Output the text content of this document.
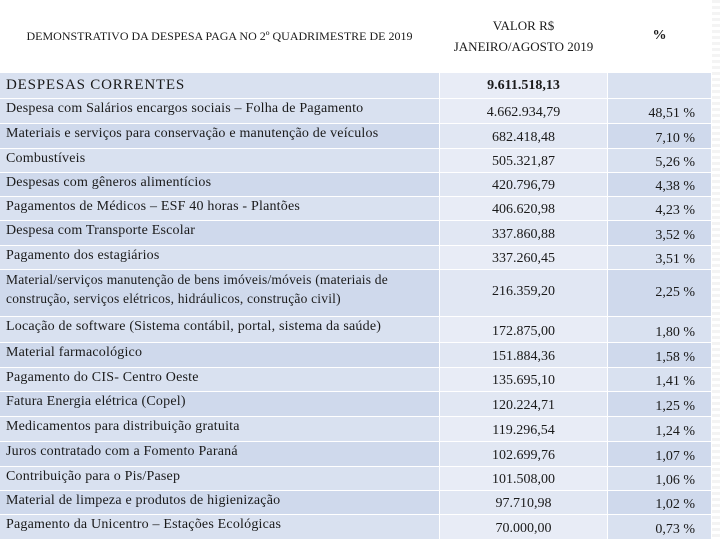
DEMONSTRATIVO DA DESPESA PAGA NO 2º QUADRIMESTRE DE 2019
VALOR R$ JANEIRO/AGOSTO 2019
%
DESPESAS CORRENTES	9.611.518,13
Despesa com Salários encargos sociais – Folha de Pagamento	4.662.934,79	48,51 %
Materiais e serviços para conservação e manutenção de veículos	682.418,48	7,10 %
Combustíveis	505.321,87	5,26 %
Despesas com gêneros alimentícios	420.796,79	4,38 %
Pagamentos de Médicos – ESF 40 horas - Plantões	406.620,98	4,23 %
Despesa com Transporte Escolar	337.860,88	3,52 %
Pagamento dos estagiários	337.260,45	3,51 %
Material/serviços manutenção de bens imóveis/móveis (materiais de construção, serviços elétricos, hidráulicos, construção civil)	216.359,20	2,25 %
Locação de software (Sistema contábil, portal, sistema da saúde)	172.875,00	1,80 %
Material farmacológico	151.884,36	1,58 %
Pagamento do CIS- Centro Oeste	135.695,10	1,41 %
Fatura Energia elétrica (Copel)	120.224,71	1,25 %
Medicamentos para distribuição gratuita	119.296,54	1,24 %
Juros contratado com a Fomento Paraná	102.699,76	1,07 %
Contribuição para o Pis/Pasep	101.508,00	1,06 %
Material de limpeza e produtos de higienização	97.710,98	1,02 %
Pagamento da Unicentro – Estações Ecológicas	70.000,00	0,73 %
